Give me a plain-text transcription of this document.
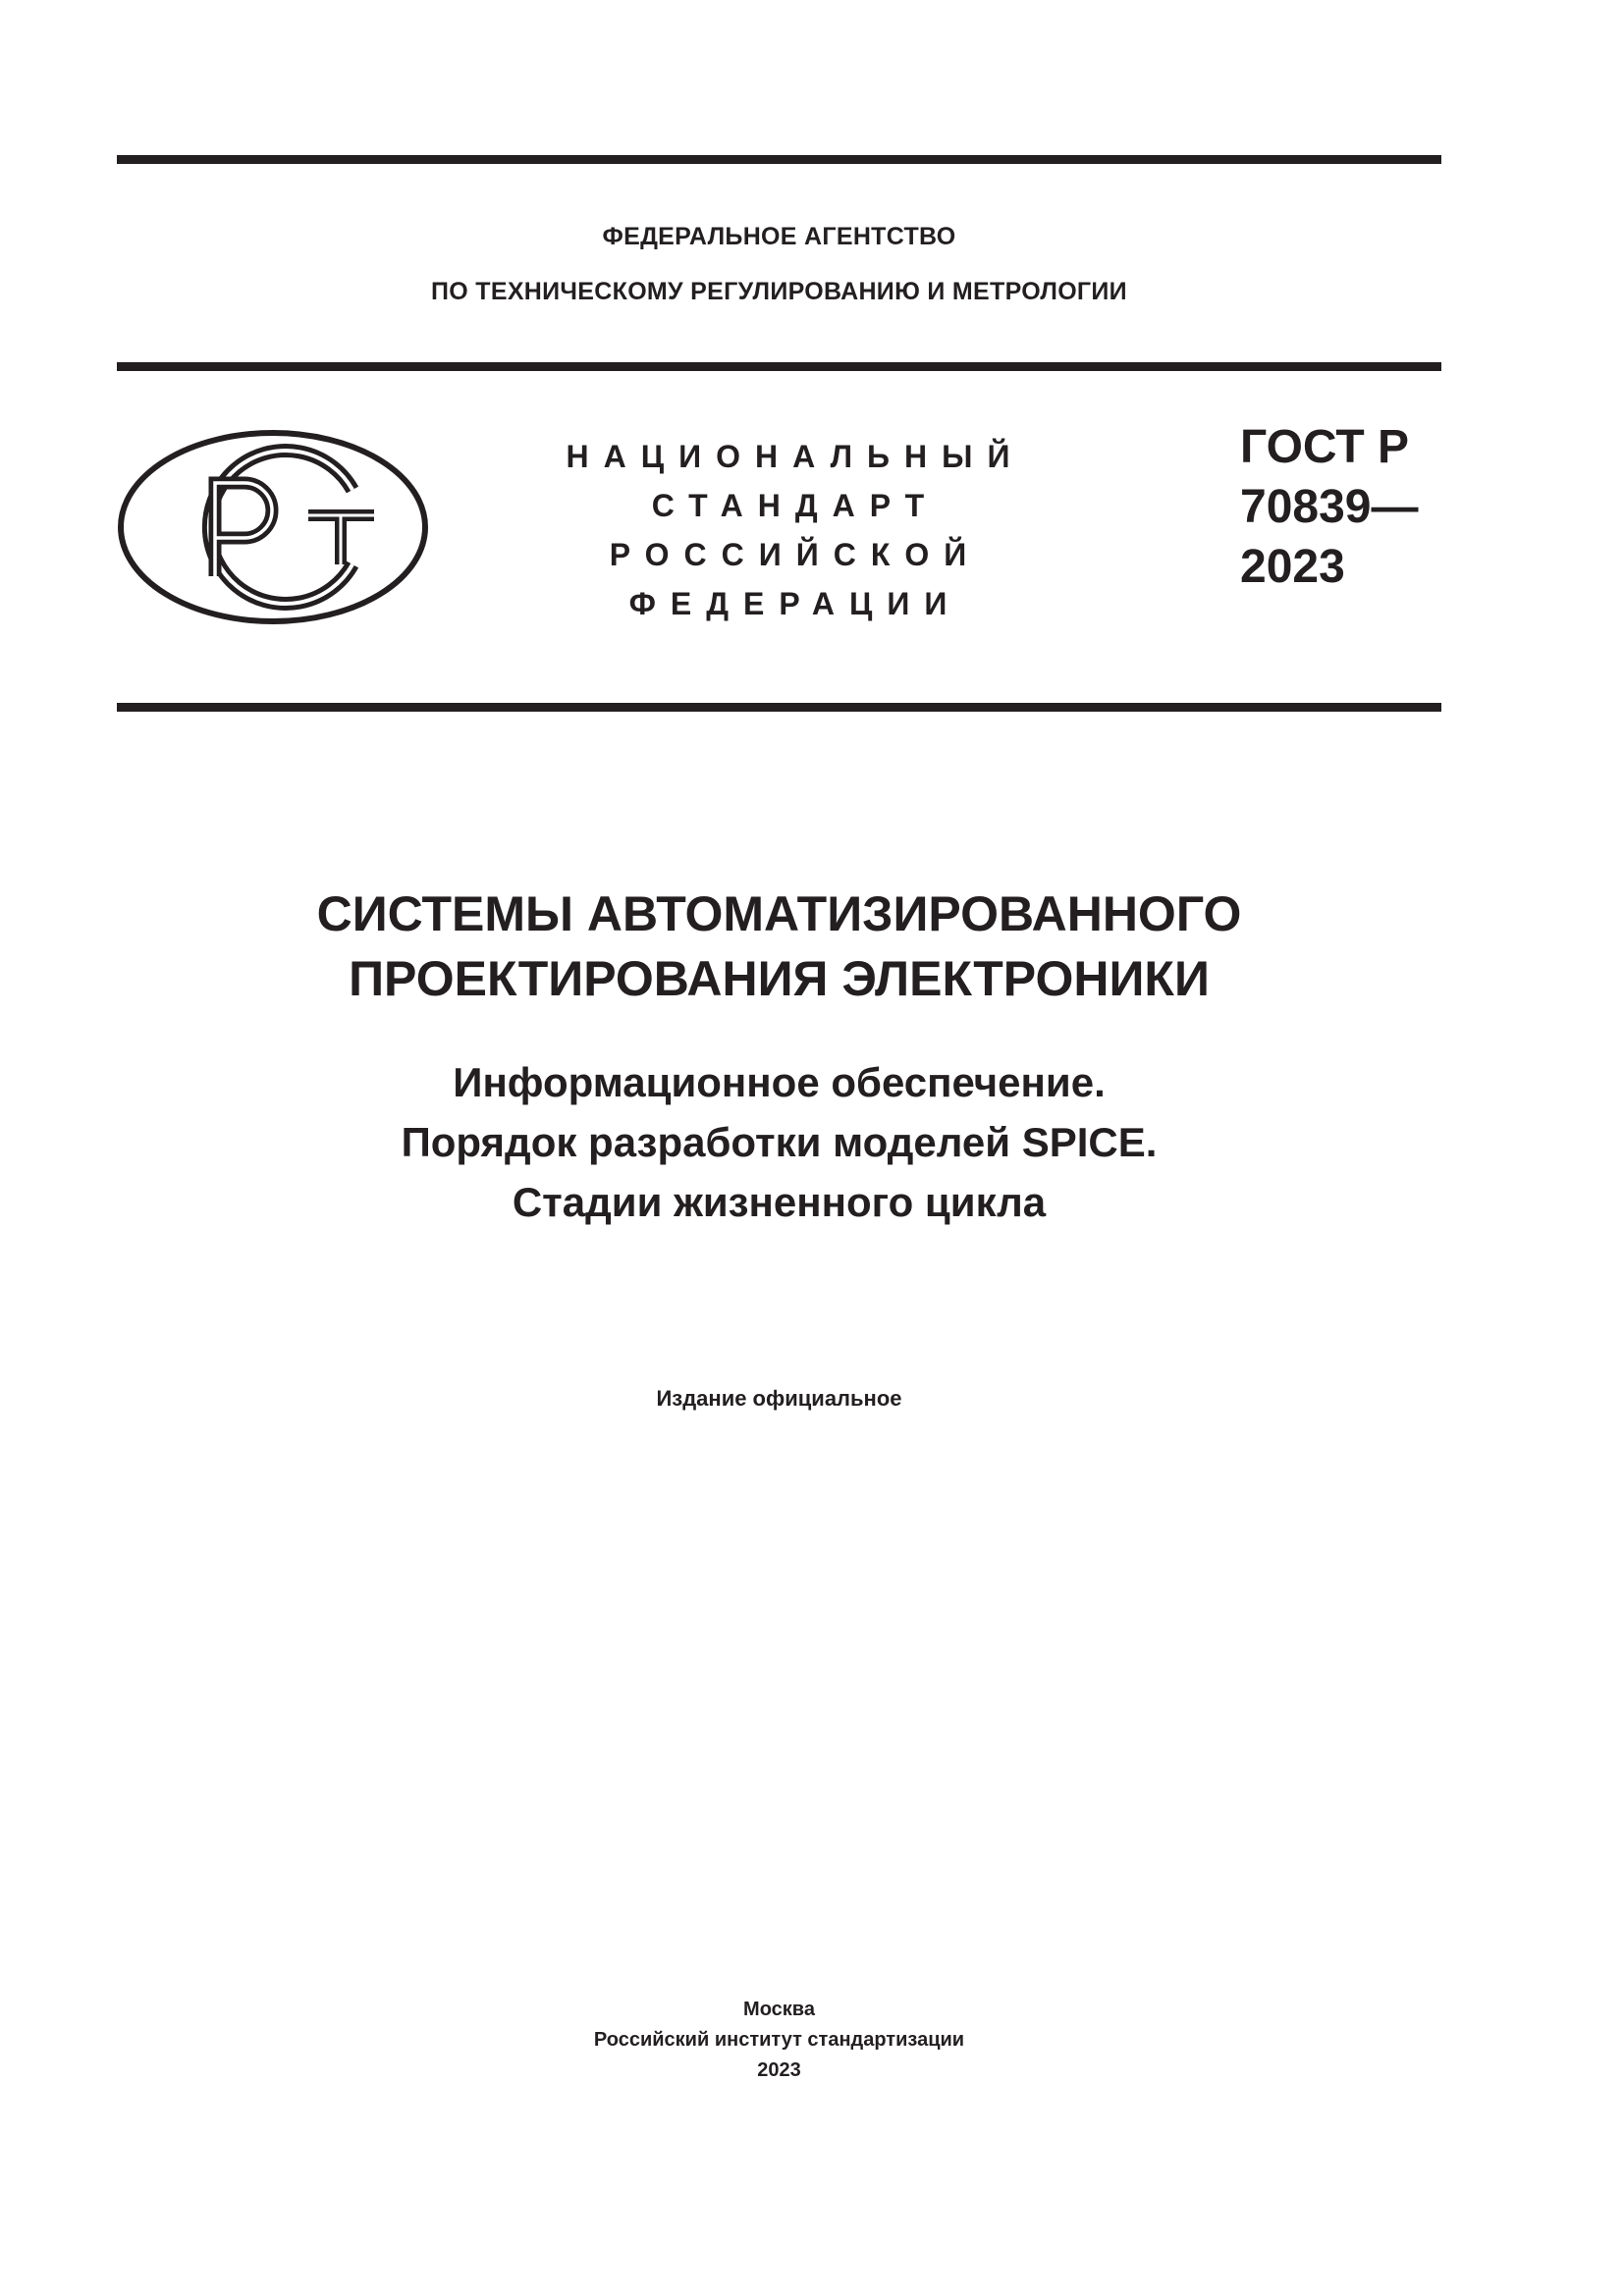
ФЕДЕРАЛЬНОЕ АГЕНТСТВО
ПО ТЕХНИЧЕСКОМУ РЕГУЛИРОВАНИЮ И МЕТРОЛОГИИ
НАЦИОНАЛЬНЫЙ
СТАНДАРТ
РОССИЙСКОЙ
ФЕДЕРАЦИИ
ГОСТ Р
70839—
2023
СИСТЕМЫ АВТОМАТИЗИРОВАННОГО
ПРОЕКТИРОВАНИЯ ЭЛЕКТРОНИКИ
Информационное обеспечение.
Порядок разработки моделей SPICE.
Стадии жизненного цикла
Издание официальное
Москва
Российский институт стандартизации
2023
